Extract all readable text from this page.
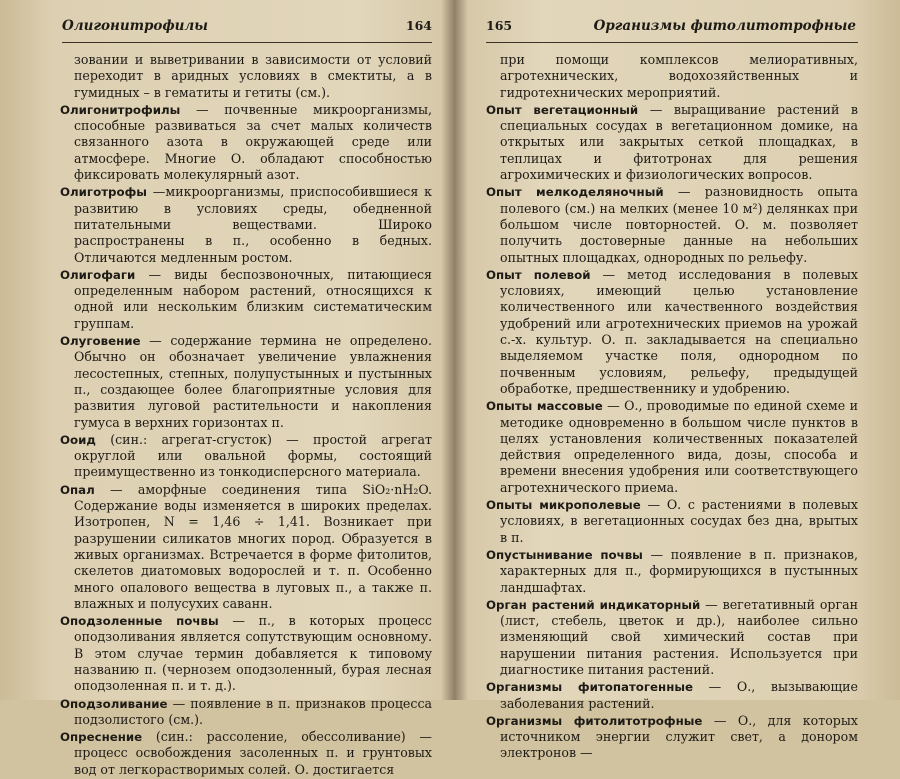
Олигонитрофилы	164

зовании и выветривании в зависимости от условий переходит в аридных условиях в смектиты, а в гумидных – в гематиты и гетиты (см.).

Олигонитрофилы — почвенные микроорганизмы, способные развиваться за счет малых количеств связанного азота в окружающей среде или атмосфере. Многие О. обладают способностью фиксировать молекулярный азот.

Олиготрофы —микроорганизмы, приспособившиеся к развитию в условиях среды, обедненной питательными веществами. Широко распространены в п., особенно в бедных. Отличаются медленным ростом.

Олигофаги — виды беспозвоночных, питающиеся определенным набором растений, относящихся к одной или нескольким близким систематическим группам.

Олуговение — содержание термина не определено. Обычно он обозначает увеличение увлажнения лесостепных, степных, полупустынных и пустынных п., создающее более благоприятные условия для развития луговой растительности и накопления гумуса в верхних горизонтах п.

Ооид (син.: агрегат-сгусток) — простой агрегат округлой или овальной формы, состоящий преимущественно из тонкодисперсного материала.

Опал — аморфные соединения типа SiO₂·nH₂O. Содержание воды изменяется в широких пределах. Изотропен, N = 1,46 ÷ 1,41. Возникает при разрушении силикатов многих пород. Образуется в живых организмах. Встречается в форме фитолитов, скелетов диатомовых водорослей и т. п. Особенно много опалового вещества в луговых п., а также п. влажных и полусухих саванн.

Оподзоленные почвы — п., в которых процесс оподзоливания является сопутствующим основному. В этом случае термин добавляется к типовому названию п. (чернозем оподзоленный, бурая лесная оподзоленная п. и т. д.).

Оподзоливание — появление в п. признаков процесса подзолистого (см.).

Опреснение (син.: рассоление, обессоливание) — процесс освобождения засоленных п. и грунтовых вод от легкорастворимых солей. О. достигается

165	Организмы фитолитотрофные

при помощи комплексов мелиоративных, агротехнических, водохозяйственных и гидротехнических мероприятий.

Опыт вегетационный — выращивание растений в специальных сосудах в вегетационном домике, на открытых или закрытых сеткой площадках, в теплицах и фитотронах для решения агрохимических и физиологических вопросов.

Опыт мелкоделяночный — разновидность опыта полевого (см.) на мелких (менее 10 м²) делянках при большом числе повторностей. О. м. позволяет получить достоверные данные на небольших опытных площадках, однородных по рельефу.

Опыт полевой — метод исследования в полевых условиях, имеющий целью установление количественного или качественного воздействия удобрений или агротехнических приемов на урожай с.-х. культур. О. п. закладывается на специально выделяемом участке поля, однородном по почвенным условиям, рельефу, предыдущей обработке, предшественнику и удобрению.

Опыты массовые — О., проводимые по единой схеме и методике одновременно в большом числе пунктов в целях установления количественных показателей действия определенного вида, дозы, способа и времени внесения удобрения или соответствующего агротехнического приема.

Опыты микрополевые — О. с растениями в полевых условиях, в вегетационных сосудах без дна, врытых в п.

Опустынивание почвы — появление в п. признаков, характерных для п., формирующихся в пустынных ландшафтах.

Орган растений индикаторный — вегетативный орган (лист, стебель, цветок и др.), наиболее сильно изменяющий свой химический состав при нарушении питания растения. Используется при диагностике питания растений.

Организмы фитопатогенные — О., вызывающие заболевания растений.

Организмы фитолитотрофные — О., для которых источником энергии служит свет, а донором электронов —
